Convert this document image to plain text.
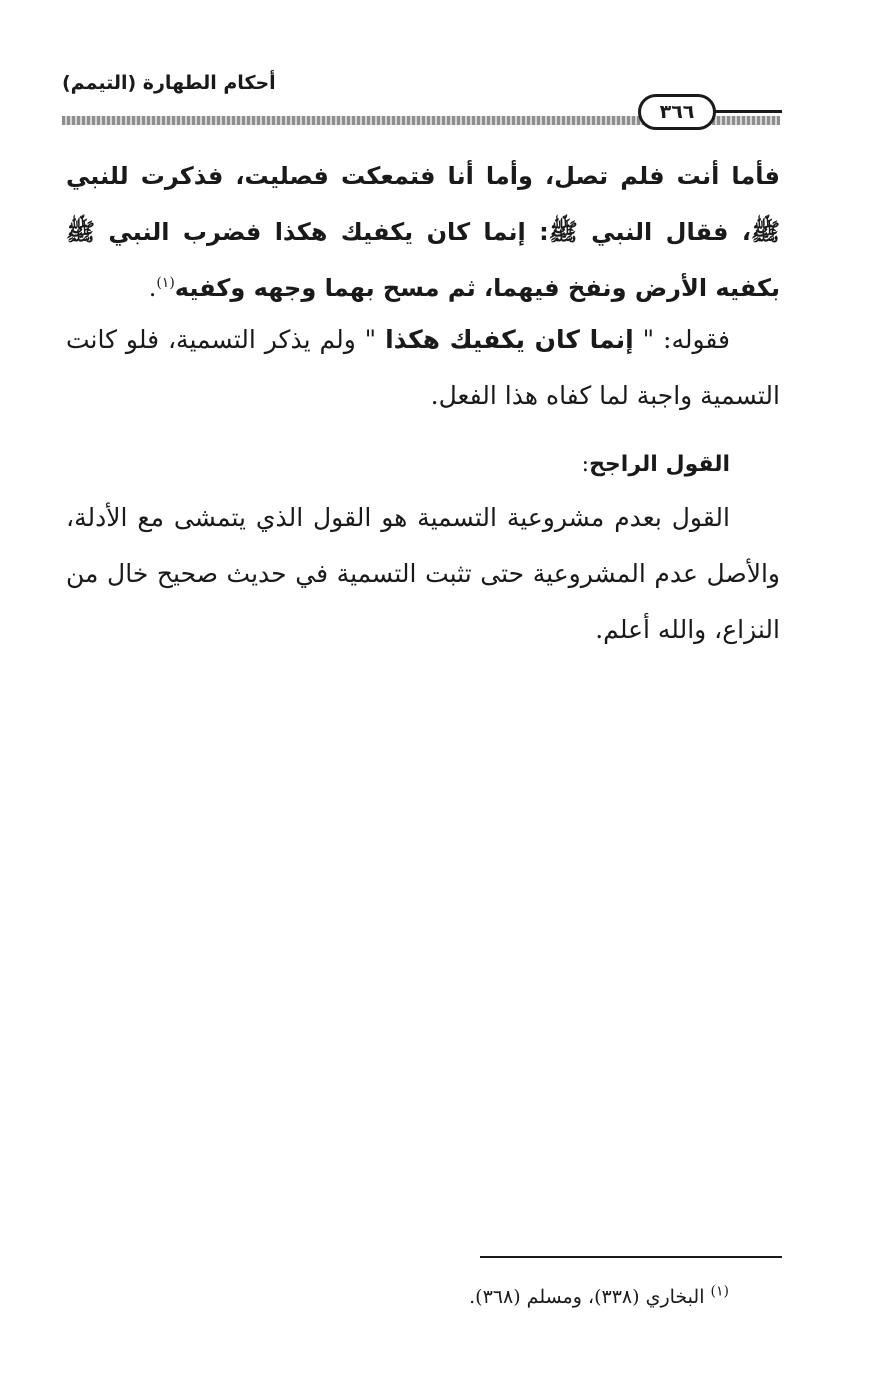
أحكام الطهارة (التيمم)
٣٦٦
فأما أنت فلم تصل، وأما أنا فتمعكت فصليت، فذكرت للنبي ﷺ، فقال النبي ﷺ: إنما كان يكفيك هكذا فضرب النبي ﷺ بكفيه الأرض ونفخ فيهما، ثم مسح بهما وجهه وكفيه$^{(١)}$.
فقوله: " إنما كان يكفيك هكذا " ولم يذكر التسمية، فلو كانت التسمية واجبة لما كفاه هذا الفعل.
القول الراجح:
القول بعدم مشروعية التسمية هو القول الذي يتمشى مع الأدلة، والأصل عدم المشروعية حتى تثبت التسمية في حديث صحيح خال من النزاع، والله أعلم.
$^{(١)}$ البخاري (٣٣٨)، ومسلم (٣٦٨).
